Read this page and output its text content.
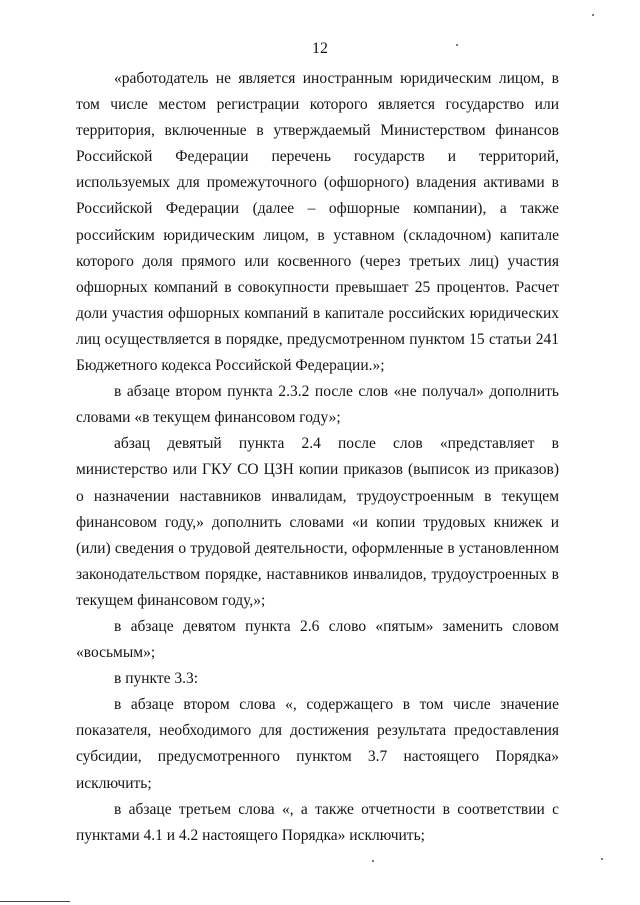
12

«работодатель не является иностранным юридическим лицом, в том числе местом регистрации которого является государство или территория, включенные в утверждаемый Министерством финансов Российской Федерации перечень государств и территорий, используемых для промежуточного (офшорного) владения активами в Российской Федерации (далее – офшорные компании), а также российским юридическим лицом, в уставном (складочном) капитале которого доля прямого или косвенного (через третьих лиц) участия офшорных компаний в совокупности превышает 25 процентов. Расчет доли участия офшорных компаний в капитале российских юридических лиц осуществляется в порядке, предусмотренном пунктом 15 статьи 241 Бюджетного кодекса Российской Федерации.»;

в абзаце втором пункта 2.3.2 после слов «не получал» дополнить словами «в текущем финансовом году»;

абзац девятый пункта 2.4 после слов «представляет в министерство или ГКУ СО ЦЗН копии приказов (выписок из приказов) о назначении наставников инвалидам, трудоустроенным в текущем финансовом году,» дополнить словами «и копии трудовых книжек и (или) сведения о трудовой деятельности, оформленные в установленном законодательством порядке, наставников инвалидов, трудоустроенных в текущем финансовом году,»;

в абзаце девятом пункта 2.6 слово «пятым» заменить словом «восьмым»;

в пункте 3.3:

в абзаце втором слова «, содержащего в том числе значение показателя, необходимого для достижения результата предоставления субсидии, предусмотренного пунктом 3.7 настоящего Порядка» исключить;

в абзаце третьем слова «, а также отчетности в соответствии с пунктами 4.1 и 4.2 настоящего Порядка» исключить;
